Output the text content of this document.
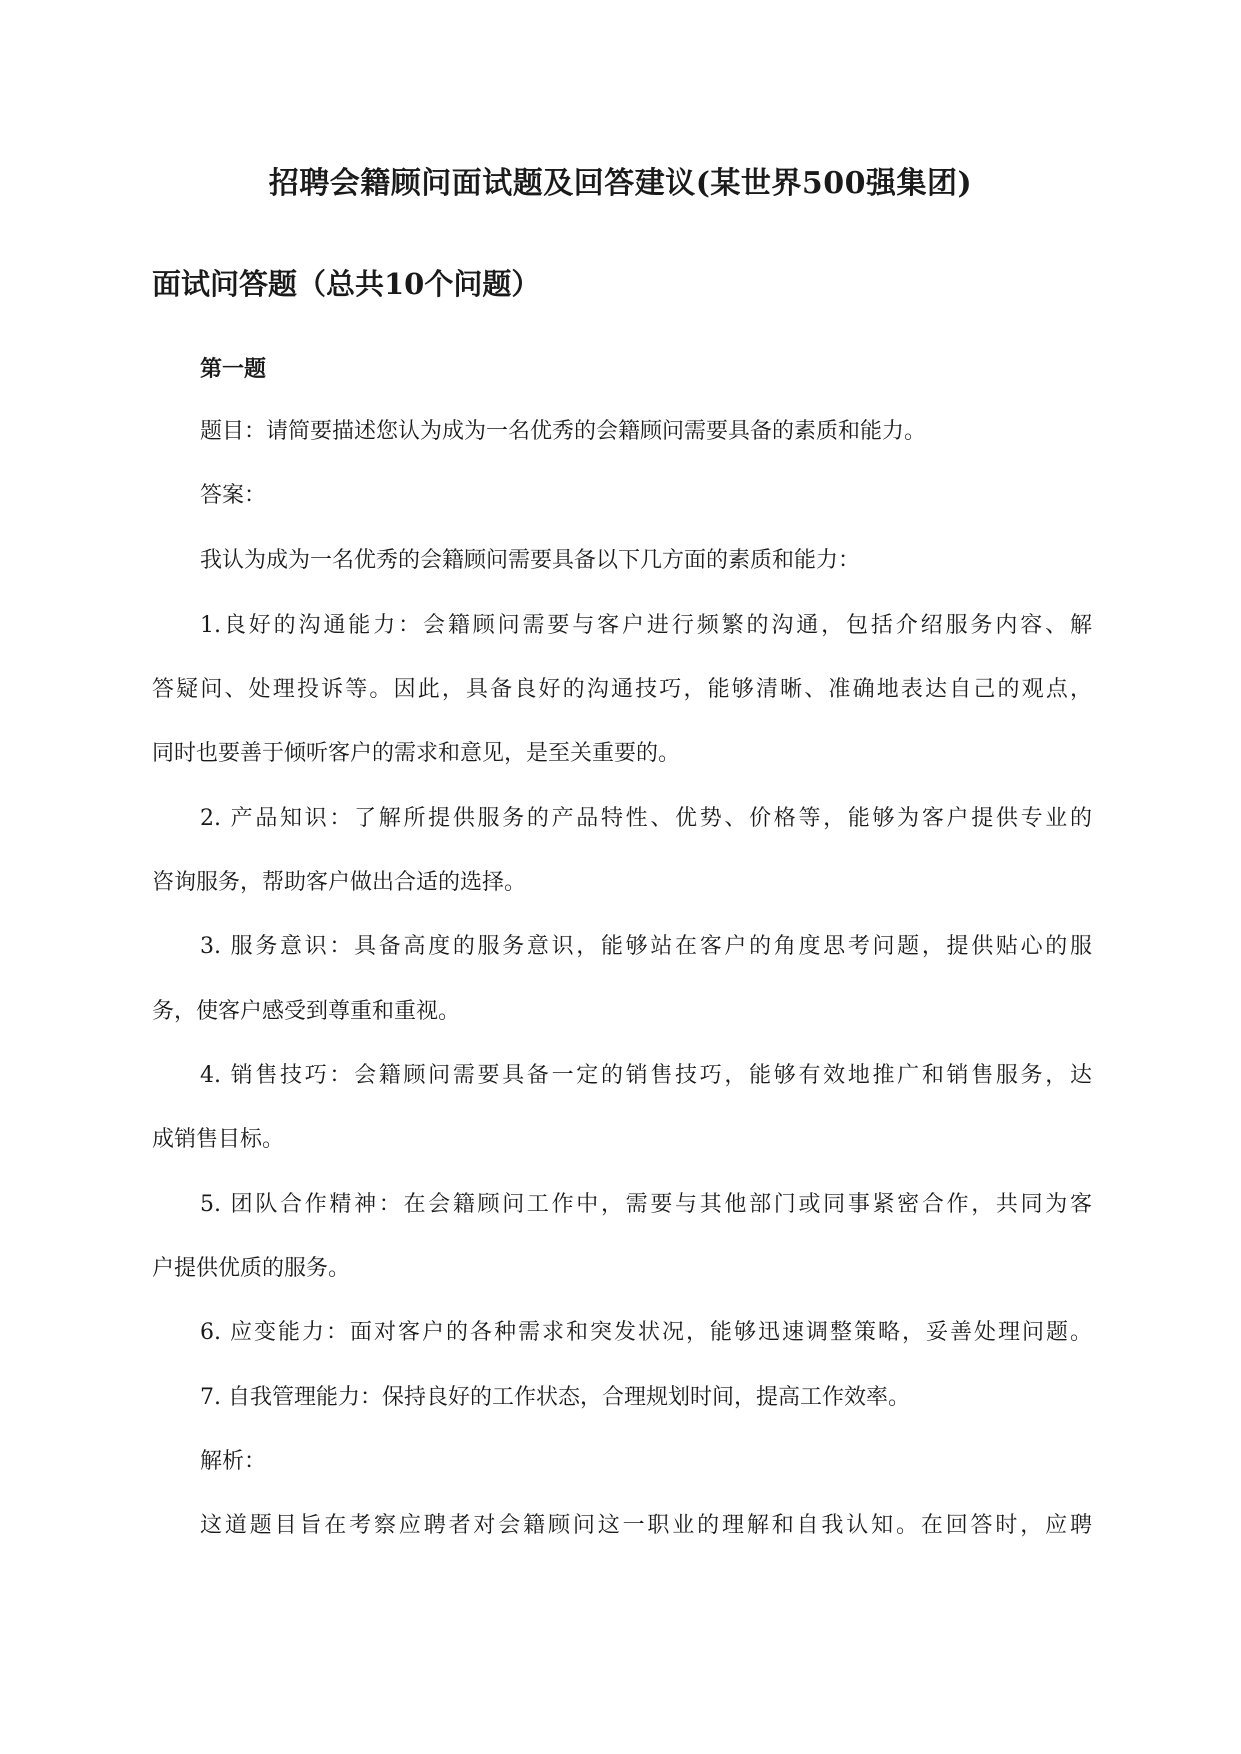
招聘会籍顾问面试题及回答建议(某世界500强集团)
面试问答题（总共10个问题）
第一题

题目：请简要描述您认为成为一名优秀的会籍顾问需要具备的素质和能力。

答案：

我认为成为一名优秀的会籍顾问需要具备以下几方面的素质和能力：

1.良好的沟通能力：会籍顾问需要与客户进行频繁的沟通，包括介绍服务内容、解

答疑问、处理投诉等。因此，具备良好的沟通技巧，能够清晰、准确地表达自己的观点，

同时也要善于倾听客户的需求和意见，是至关重要的。

2. 产品知识：了解所提供服务的产品特性、优势、价格等，能够为客户提供专业的

咨询服务，帮助客户做出合适的选择。

3. 服务意识：具备高度的服务意识，能够站在客户的角度思考问题，提供贴心的服

务，使客户感受到尊重和重视。

4. 销售技巧：会籍顾问需要具备一定的销售技巧，能够有效地推广和销售服务，达

成销售目标。

5. 团队合作精神：在会籍顾问工作中，需要与其他部门或同事紧密合作，共同为客

户提供优质的服务。

6. 应变能力：面对客户的各种需求和突发状况，能够迅速调整策略，妥善处理问题。

7. 自我管理能力：保持良好的工作状态，合理规划时间，提高工作效率。

解析：

这道题目旨在考察应聘者对会籍顾问这一职业的理解和自我认知。在回答时，应聘
